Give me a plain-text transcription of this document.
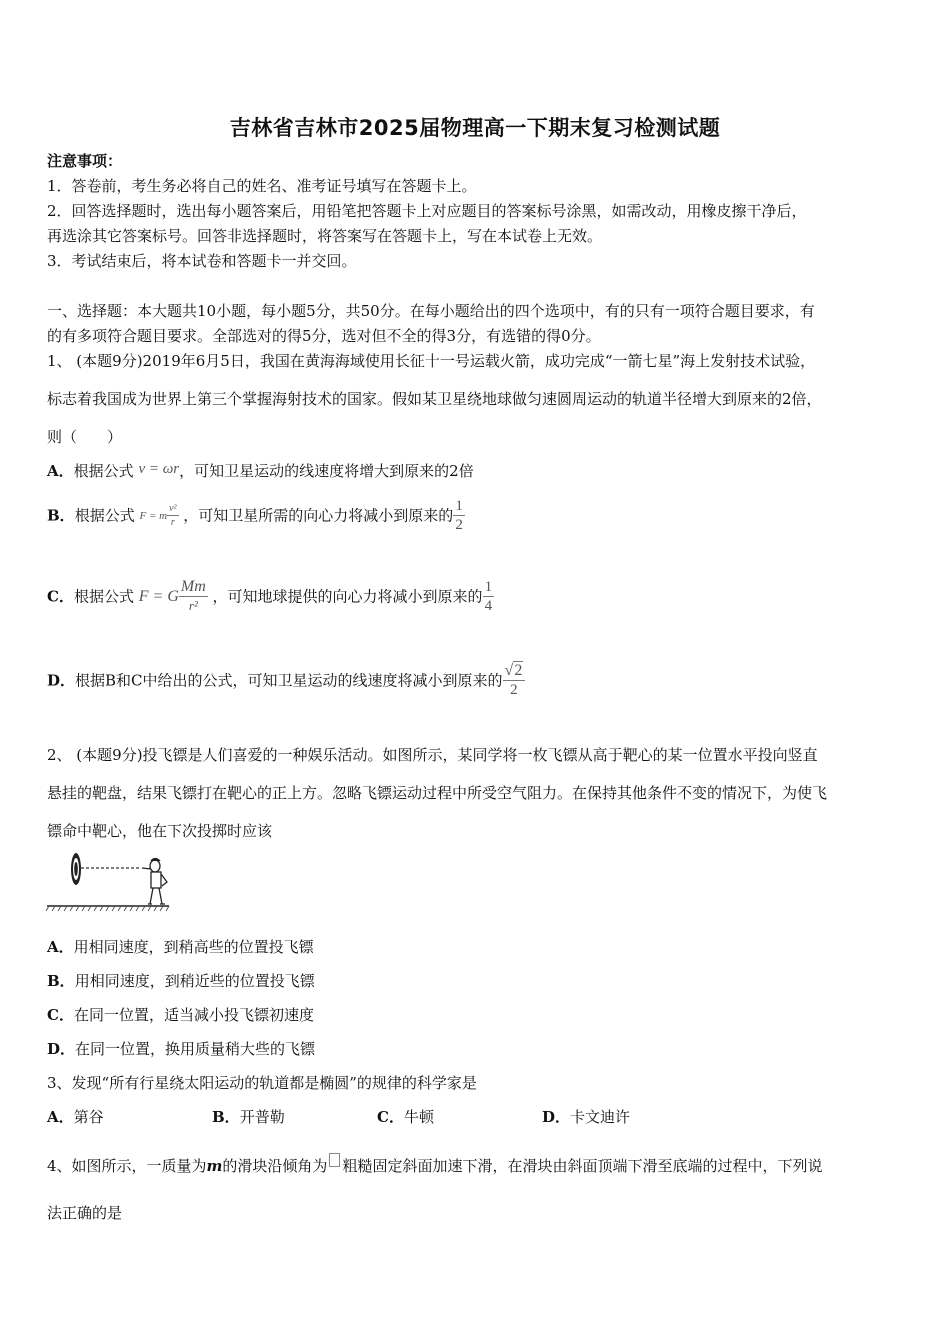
吉林省吉林市2025届物理高一下期末复习检测试题
注意事项：
1．答卷前，考生务必将自己的姓名、准考证号填写在答题卡上。
2．回答选择题时，选出每小题答案后，用铅笔把答题卡上对应题目的答案标号涂黑，如需改动，用橡皮擦干净后，
再选涂其它答案标号。回答非选择题时，将答案写在答题卡上，写在本试卷上无效。
3．考试结束后，将本试卷和答题卡一并交回。
一、选择题：本大题共10小题，每小题5分，共50分。在每小题给出的四个选项中，有的只有一项符合题目要求，有
的有多项符合题目要求。全部选对的得5分，选对但不全的得3分，有选错的得0分。
1、 (本题9分)2019年6月5日，我国在黄海海域使用长征十一号运载火箭，成功完成“一箭七星”海上发射技术试验，
标志着我国成为世界上第三个掌握海射技术的国家。假如某卫星绕地球做匀速圆周运动的轨道半径增大到原来的2倍，
则（　　）
A．根据公式 v = ωr，可知卫星运动的线速度将增大到原来的2倍
B．根据公式 F = m $\frac{\text{v²}}{r}$ ，可知卫星所需的向心力将减小到原来的 $\frac{1}{2}$
C．根据公式 F = G $\frac{Mm}{\text{r²}}$ ，可知地球提供的向心力将减小到原来的 $\frac{1}{4}$
D．根据B和C中给出的公式，可知卫星运动的线速度将减小到原来的 $\frac{√2}{2}$
2、 (本题9分)投飞镖是人们喜爱的一种娱乐活动。如图所示，某同学将一枚飞镖从高于靶心的某一位置水平投向竖直
悬挂的靶盘，结果飞镖打在靶心的正上方。忽略飞镖运动过程中所受空气阻力。在保持其他条件不变的情况下，为使飞
镖命中靶心，他在下次投掷时应该
A．用相同速度，到稍高些的位置投飞镖
B．用相同速度，到稍近些的位置投飞镖
C．在同一位置，适当减小投飞镖初速度
D．在同一位置，换用质量稍大些的飞镖
3、发现“所有行星绕太阳运动的轨道都是椭圆”的规律的科学家是
A．第谷	B．开普勒	C．牛顿	D．卡文迪许
4、如图所示，一质量为m的滑块沿倾角为 粗糙固定斜面加速下滑，在滑块由斜面顶端下滑至底端的过程中，下列说
法正确的是
